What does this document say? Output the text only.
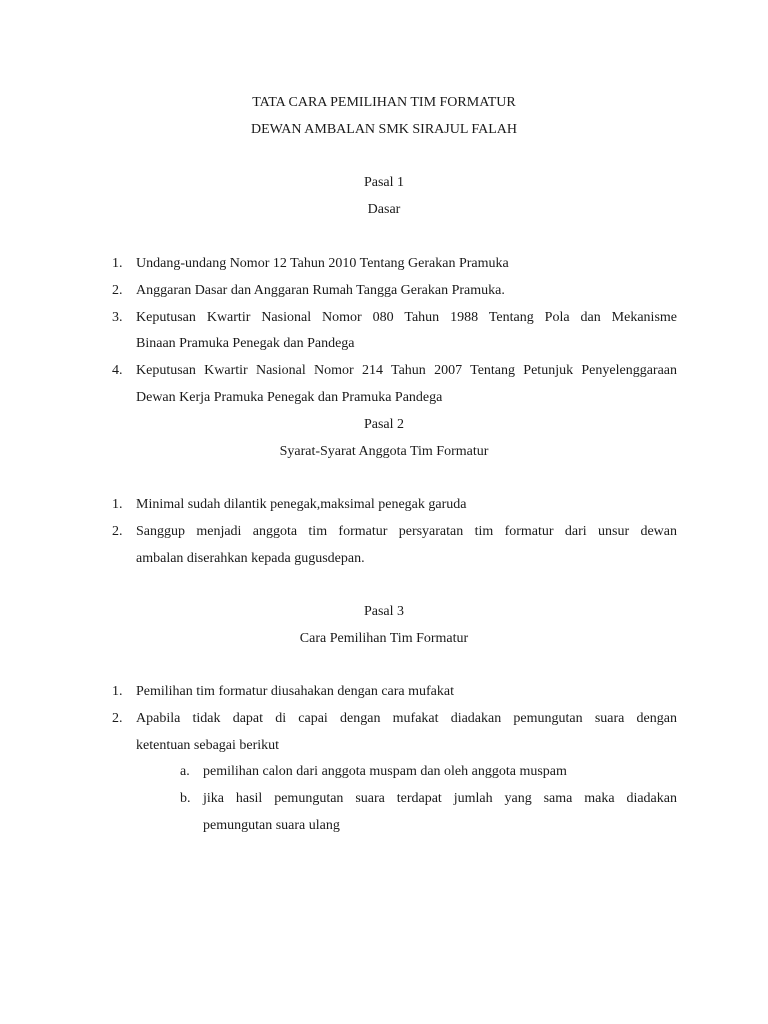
TATA CARA PEMILIHAN TIM FORMATUR
DEWAN AMBALAN SMK SIRAJUL FALAH
Pasal 1
Dasar
1. Undang-undang Nomor 12 Tahun 2010 Tentang Gerakan Pramuka
2. Anggaran Dasar dan Anggaran Rumah Tangga Gerakan Pramuka.
3. Keputusan Kwartir Nasional Nomor 080 Tahun 1988 Tentang Pola dan Mekanisme
Binaan Pramuka Penegak dan Pandega
4. Keputusan Kwartir Nasional Nomor 214 Tahun 2007 Tentang Petunjuk Penyelenggaraan
Dewan Kerja Pramuka Penegak dan Pramuka Pandega
Pasal 2
Syarat-Syarat Anggota Tim Formatur
1. Minimal sudah dilantik penegak,maksimal penegak garuda
2. Sanggup menjadi anggota tim formatur persyaratan tim formatur dari unsur dewan
ambalan diserahkan kepada gugusdepan.
Pasal 3
Cara Pemilihan Tim Formatur
1. Pemilihan tim formatur diusahakan dengan cara mufakat
2. Apabila tidak dapat di capai dengan mufakat diadakan pemungutan suara dengan
ketentuan sebagai berikut
a. pemilihan calon dari anggota muspam dan oleh anggota muspam
b. jika hasil pemungutan suara terdapat jumlah yang sama maka diadakan
pemungutan suara ulang
